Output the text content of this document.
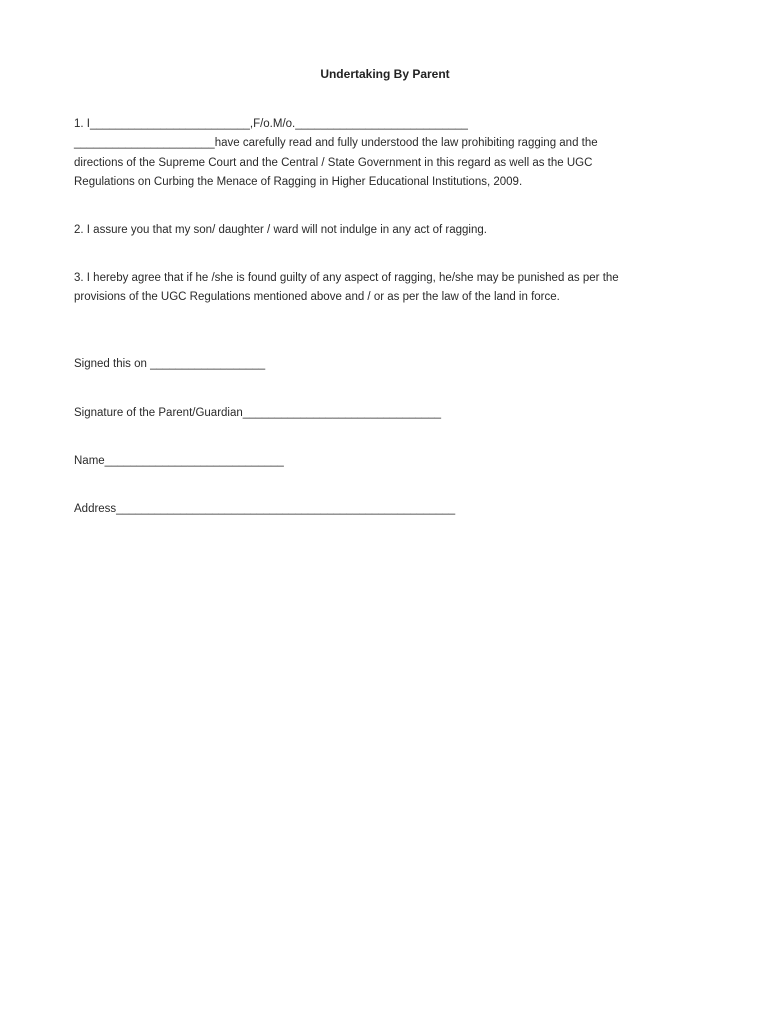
Undertaking By Parent
1. I_________________________,F/o.M/o.___________________________
______________________have carefully read and fully understood the law prohibiting ragging and the
directions of the Supreme Court and the Central / State Government in this regard as well as the UGC
Regulations on Curbing the Menace of Ragging in Higher Educational Institutions, 2009.
2. I assure you that my son/ daughter / ward will not indulge in any act of ragging.
3. I hereby agree that if he /she is found guilty of any aspect of ragging, he/she may be punished as per the
provisions of the UGC Regulations mentioned above and / or as per the law of the land in force.
Signed this on __________________
Signature of the Parent/Guardian_______________________________
Name____________________________
Address_____________________________________________________
